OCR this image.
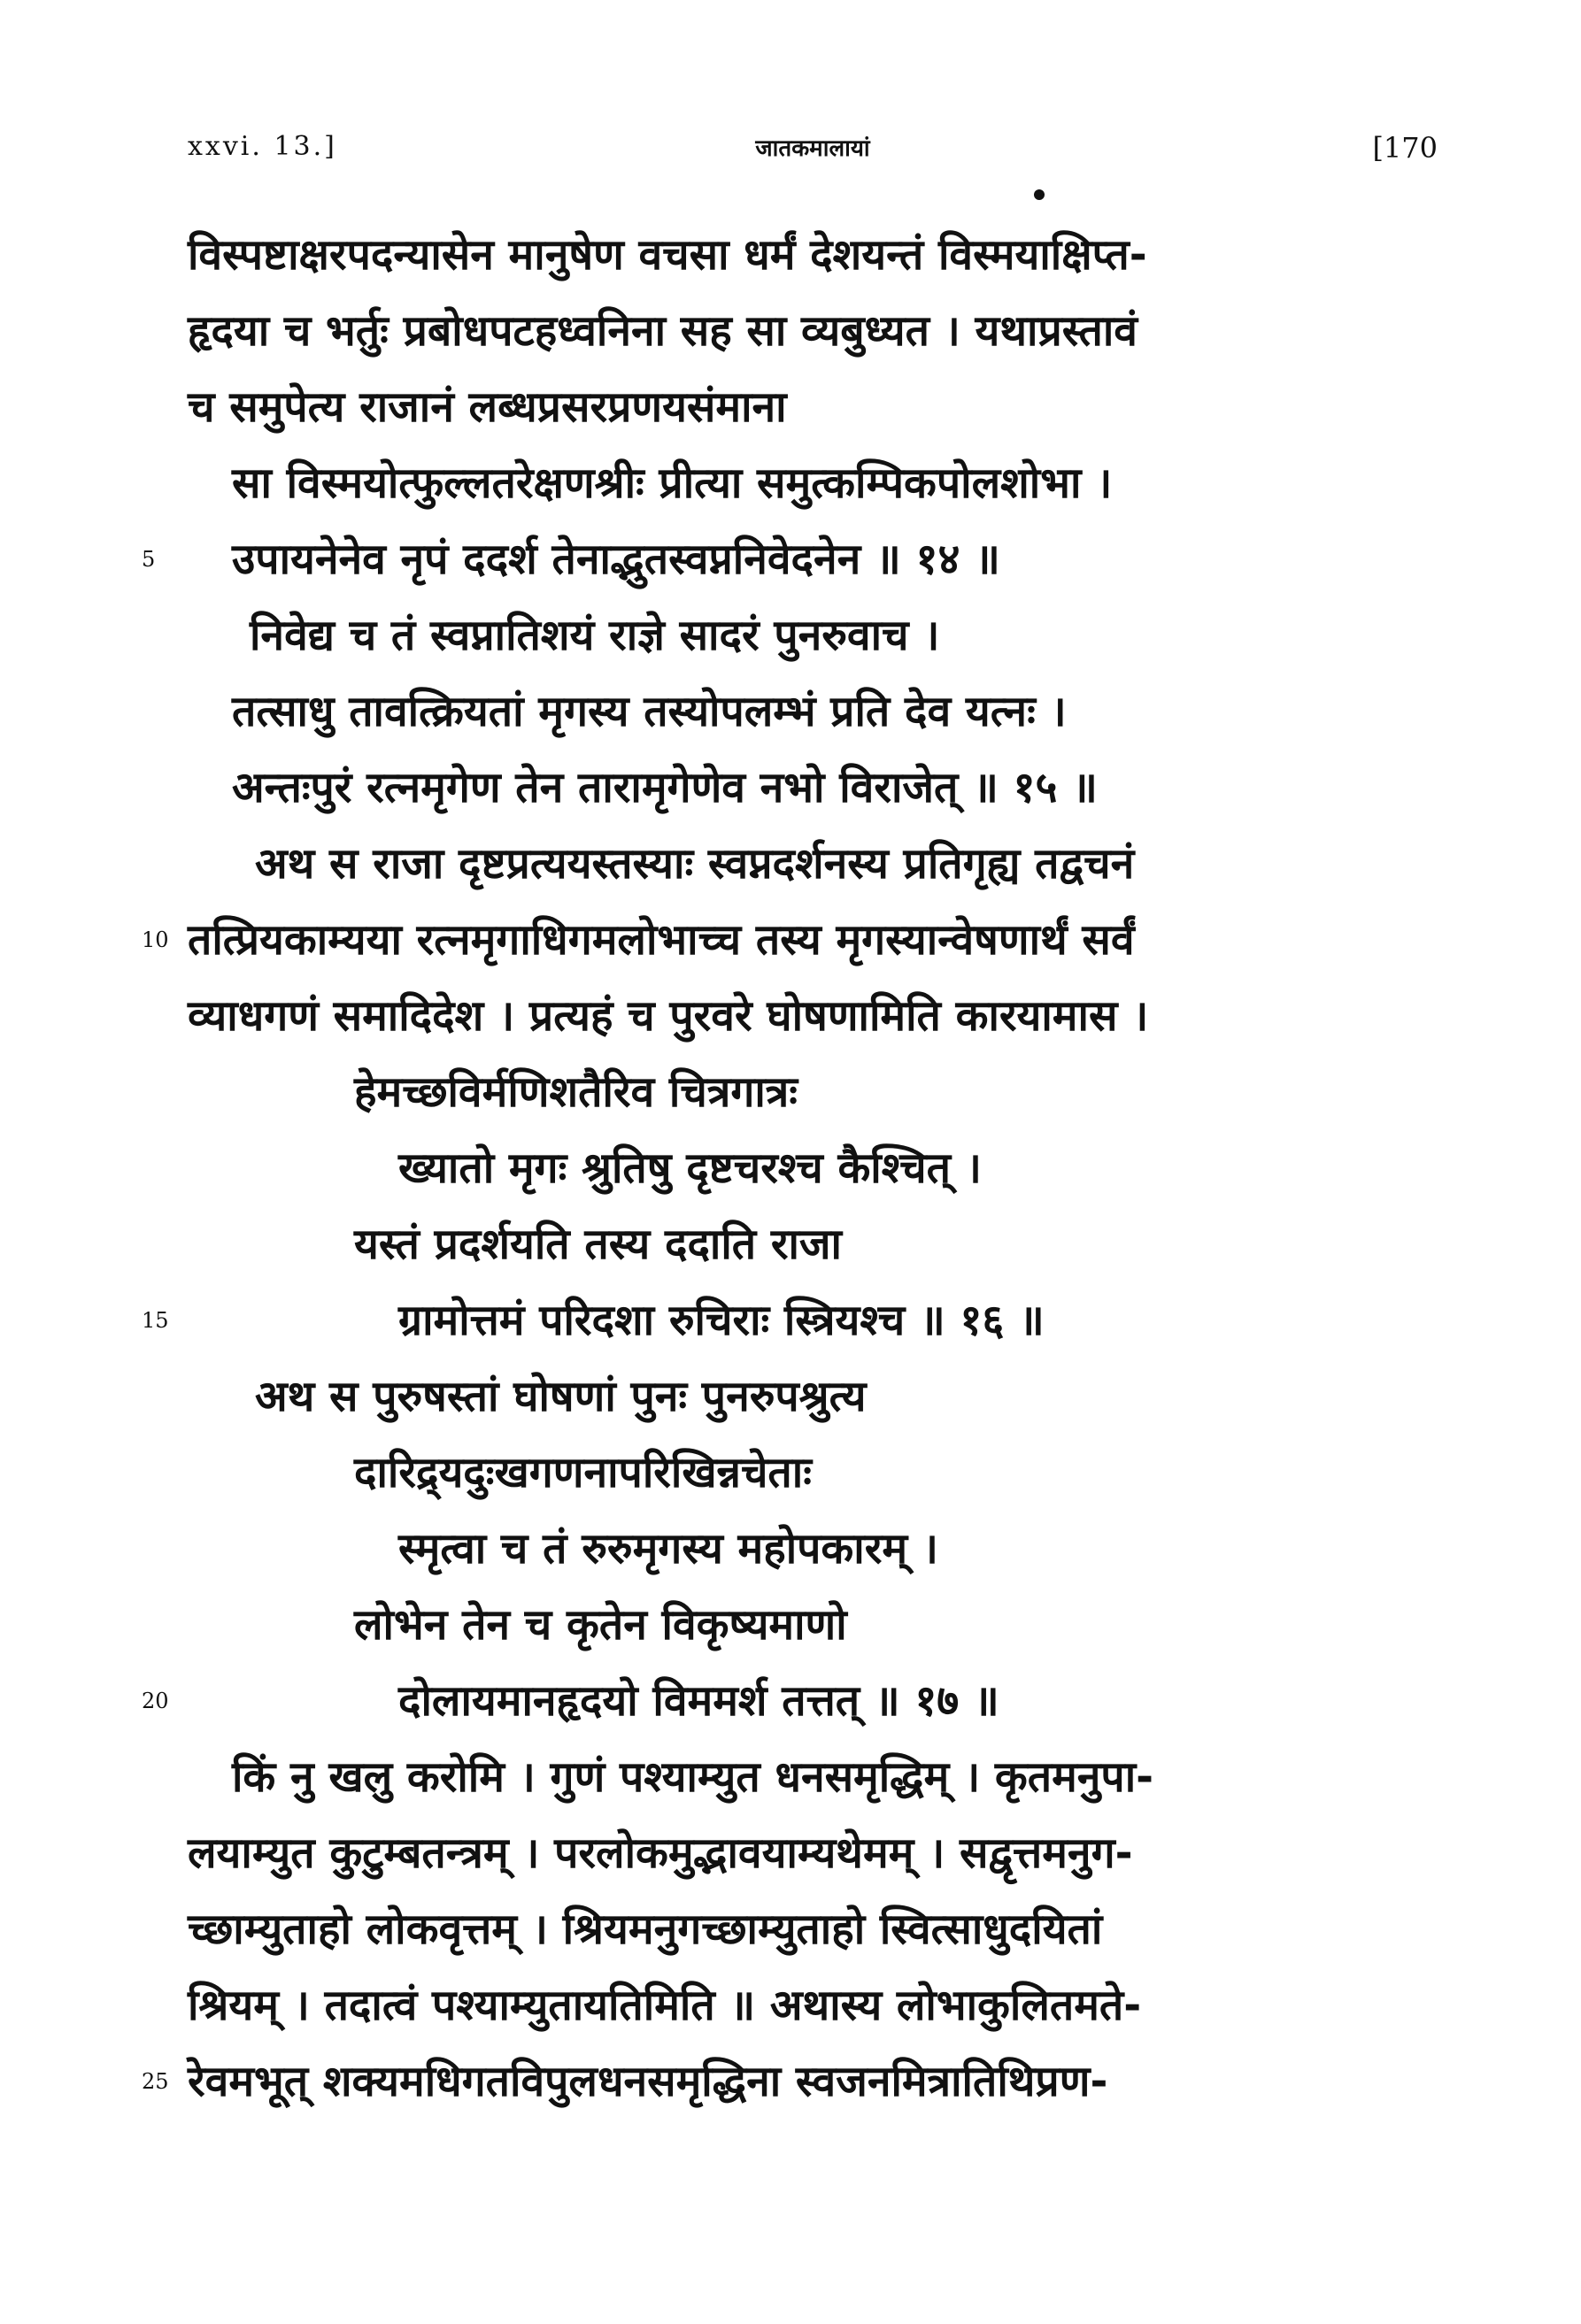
xxvi. 13.]	जातकमालायां	[170
विस्पष्टाक्षरपदन्यासेन मानुषेण वचसा धर्मं देशयन्तं विस्मयाक्षिप्त-
हृदया च भर्तुः प्रबोधपटहध्वनिना सह सा व्यबुध्यत । यथाप्रस्तावं
च समुपेत्य राजानं लब्धप्रसरप्रणयसंमाना
सा विस्मयोत्फुल्लतरेक्षणश्रीः प्रीत्या समुत्कम्पिकपोलशोभा ।
5	उपायनेनेव नृपं ददर्श तेनाद्भुतस्वप्ननिवेदनेन ॥ १४ ॥
निवेद्य च तं स्वप्नातिशयं राज्ञे सादरं पुनरुवाच ।
तत्साधु तावत्क्रियतां मृगस्य तस्योपलम्भं प्रति देव यत्नः ।
अन्तःपुरं रत्नमृगेण तेन तारामृगेणेव नभो विराजेत् ॥ १५ ॥
अथ स राजा दृष्टप्रत्ययस्तस्याः स्वप्नदर्शनस्य प्रतिगृह्य तद्वचनं
10 तत्प्रियकाम्यया रत्नमृगाधिगमलोभाच्च तस्य मृगस्यान्वेषणार्थं सर्वं
व्याधगणं समादिदेश । प्रत्यहं च पुरवरे घोषणामिति कारयामास ।
हेमच्छविर्मणिशतैरिव चित्रगात्रः
ख्यातो मृगः श्रुतिषु दृष्टचरश्च कैश्चित् ।
यस्तं प्रदर्शयति तस्य ददाति राजा
15	ग्रामोत्तमं परिदशा रुचिराः स्त्रियश्च ॥ १६ ॥
अथ स पुरुषस्तां घोषणां पुनः पुनरुपश्रुत्य
दारिद्र्यदुःखगणनापरिखिन्नचेताः
स्मृत्वा च तं रुरुमृगस्य महोपकारम् ।
लोभेन तेन च कृतेन विकृष्यमाणो
20	दोलायमानहृदयो विममर्श तत्तत् ॥ १७ ॥
किं नु खलु करोमि । गुणं पश्याम्युत धनसमृद्धिम् । कृतमनुपा-
लयाम्युत कुटुम्बतन्त्रम् । परलोकमुद्भावयाम्यथेमम् । सद्वृत्तमनुग-
च्छाम्युताहो लोकवृत्तम् । श्रियमनुगच्छाम्युताहो स्वित्साधुदयितां
श्रियम् । तदात्वं पश्याम्युतायतिमिति ॥ अथास्य लोभाकुलितमते-
25 रेवमभूत् शक्यमधिगतविपुलधनसमृद्धिना स्वजनमित्रातिथिप्रण-
